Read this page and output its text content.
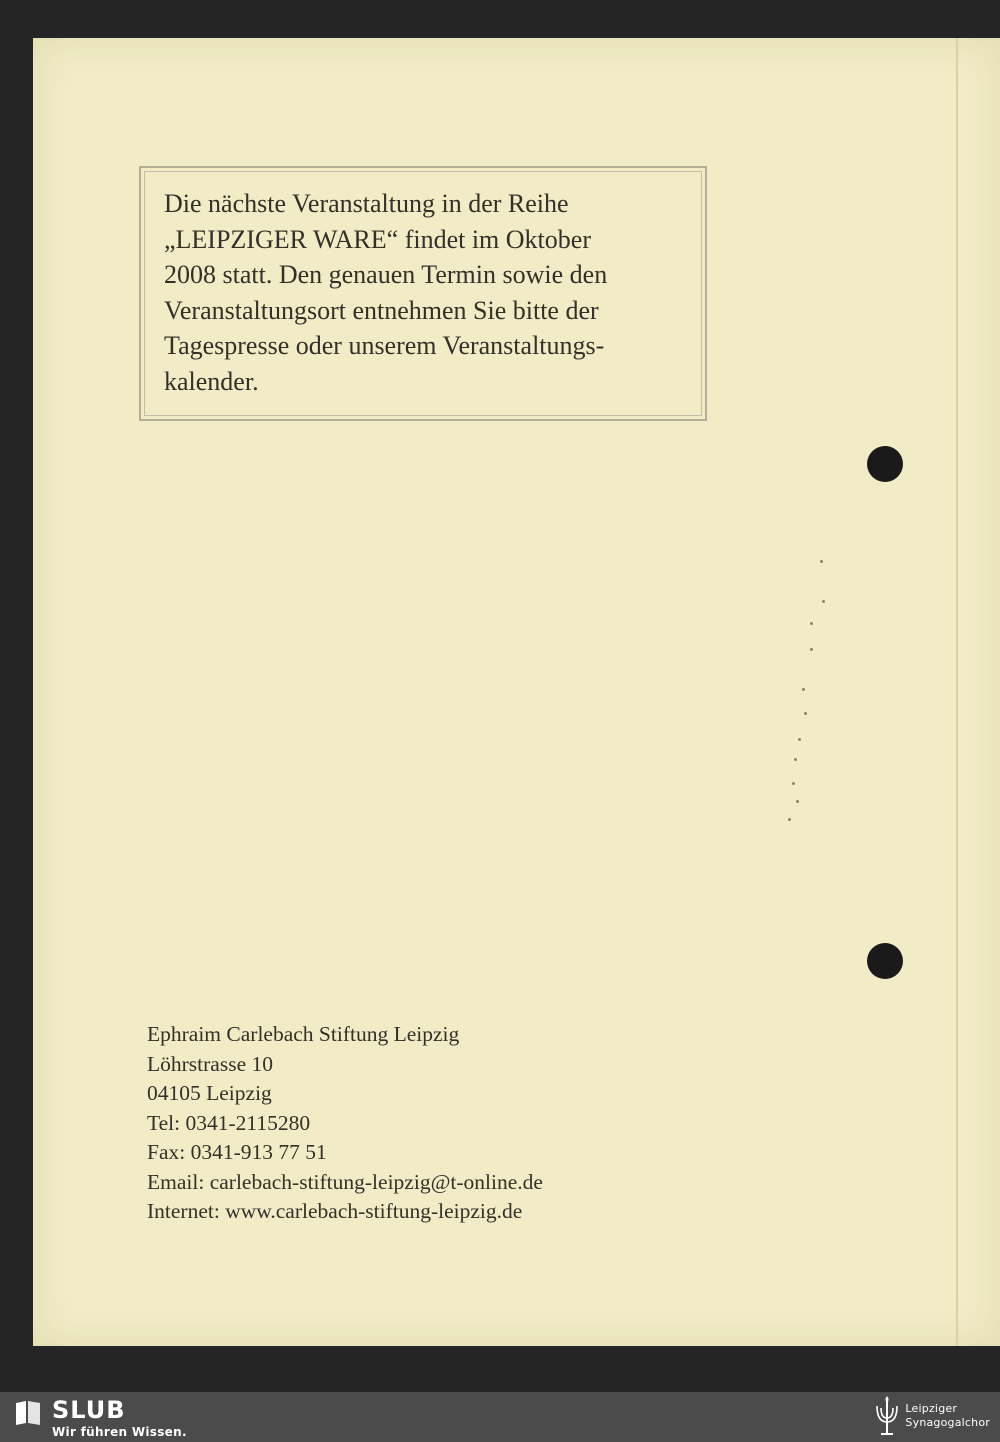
Die nächste Veranstaltung in der Reihe
„LEIPZIGER WARE“ findet im Oktober
2008 statt. Den genauen Termin sowie den
Veranstaltungsort entnehmen Sie bitte der
Tagespresse oder unserem Veranstaltungs-
kalender.

Ephraim Carlebach Stiftung Leipzig
Löhrstrasse 10
04105 Leipzig
Tel: 0341-2115280
Fax: 0341-913 77 51
Email: carlebach-stiftung-leipzig@t-online.de
Internet: www.carlebach-stiftung-leipzig.de
SLUB
Wir führen Wissen.
Leipziger
Synagogalchor
